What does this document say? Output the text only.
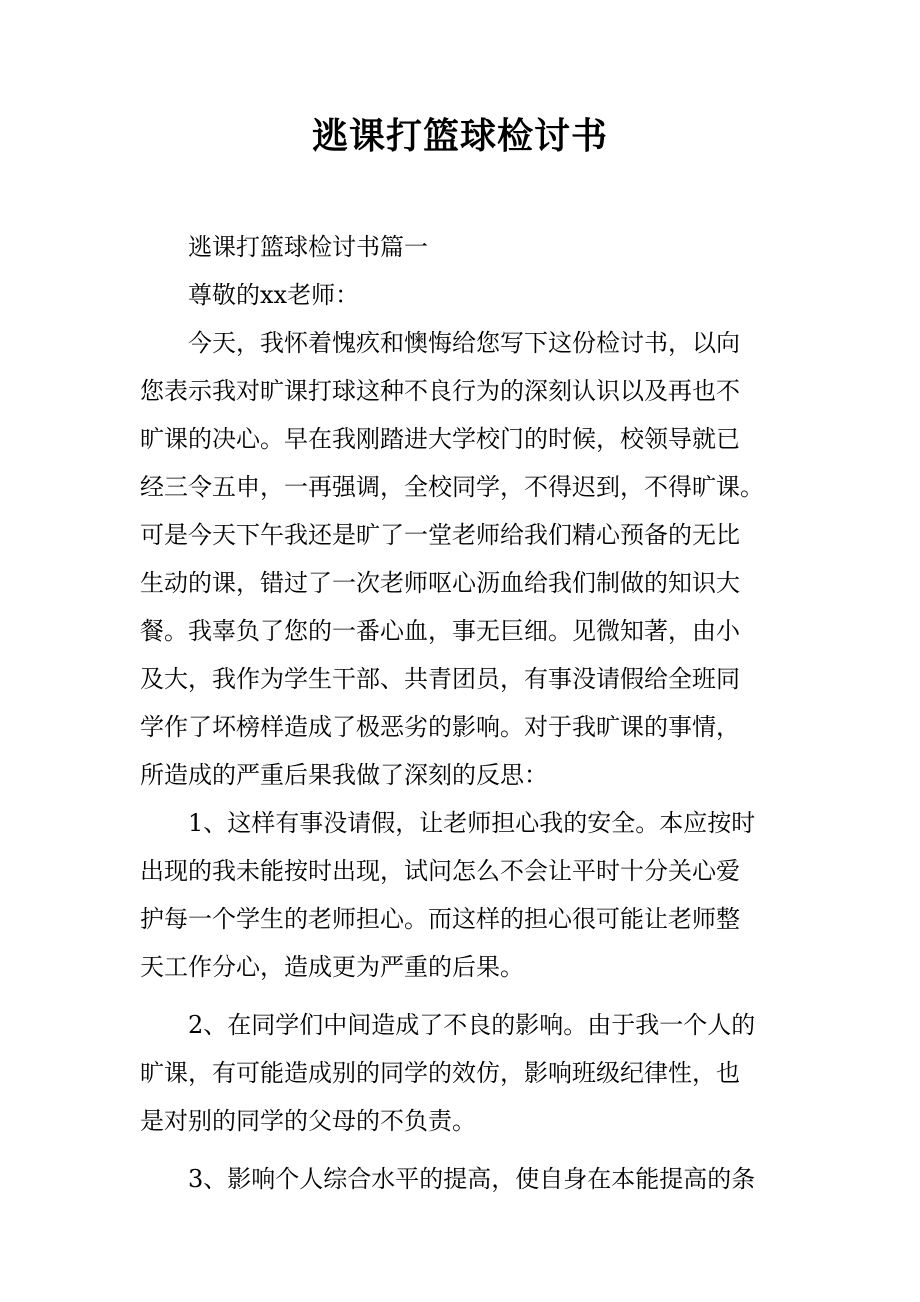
逃课打篮球检讨书
逃课打篮球检讨书篇一
尊敬的xx老师：
今天，我怀着愧疚和懊悔给您写下这份检讨书，以向
您表示我对旷课打球这种不良行为的深刻认识以及再也不
旷课的决心。早在我刚踏进大学校门的时候，校领导就已
经三令五申，一再强调，全校同学，不得迟到，不得旷课。
可是今天下午我还是旷了一堂老师给我们精心预备的无比
生动的课，错过了一次老师呕心沥血给我们制做的知识大
餐。我辜负了您的一番心血，事无巨细。见微知著，由小
及大，我作为学生干部、共青团员，有事没请假给全班同
学作了坏榜样造成了极恶劣的影响。对于我旷课的事情，
所造成的严重后果我做了深刻的反思：
1、这样有事没请假，让老师担心我的安全。本应按时
出现的我未能按时出现，试问怎么不会让平时十分关心爱
护每一个学生的老师担心。而这样的担心很可能让老师整
天工作分心，造成更为严重的后果。
2、在同学们中间造成了不良的影响。由于我一个人的
旷课，有可能造成别的同学的效仿，影响班级纪律性，也
是对别的同学的父母的不负责。
3、影响个人综合水平的提高，使自身在本能提高的条
